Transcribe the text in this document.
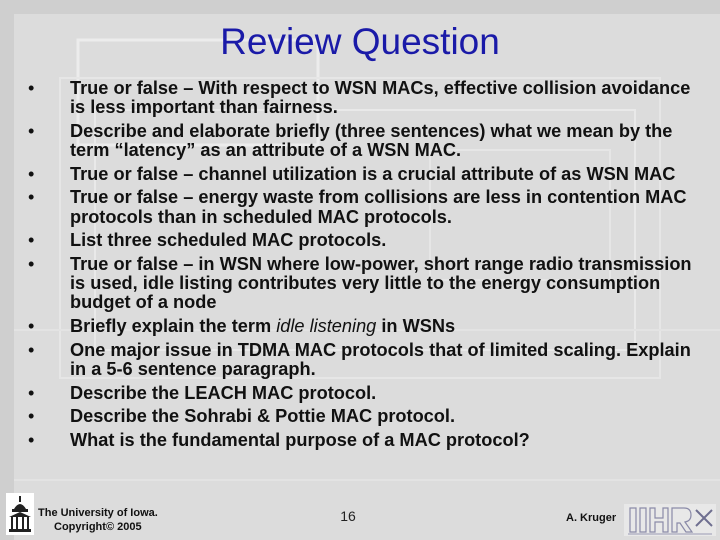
Review Question
• True or false – With respect to WSN MACs, effective collision avoidance is less important than fairness.
• Describe and elaborate briefly (three sentences) what we mean by the term “latency” as an attribute of a WSN MAC.
• True or false – channel utilization is a crucial attribute of as WSN MAC
• True or false – energy waste from collisions are less in contention MAC protocols than in scheduled MAC protocols.
• List three scheduled MAC protocols.
• True or false – in WSN where low-power, short range radio transmission is used, idle listing contributes very little to the energy consumption budget of a node
• Briefly explain the term idle listening in WSNs
• One major issue in TDMA MAC protocols that of limited scaling. Explain in a 5-6 sentence paragraph.
• Describe the LEACH MAC protocol.
• Describe the Sohrabi & Pottie MAC protocol.
• What is the fundamental purpose of a MAC protocol?
The University of Iowa.
Copyright© 2005
16	A. Kruger
